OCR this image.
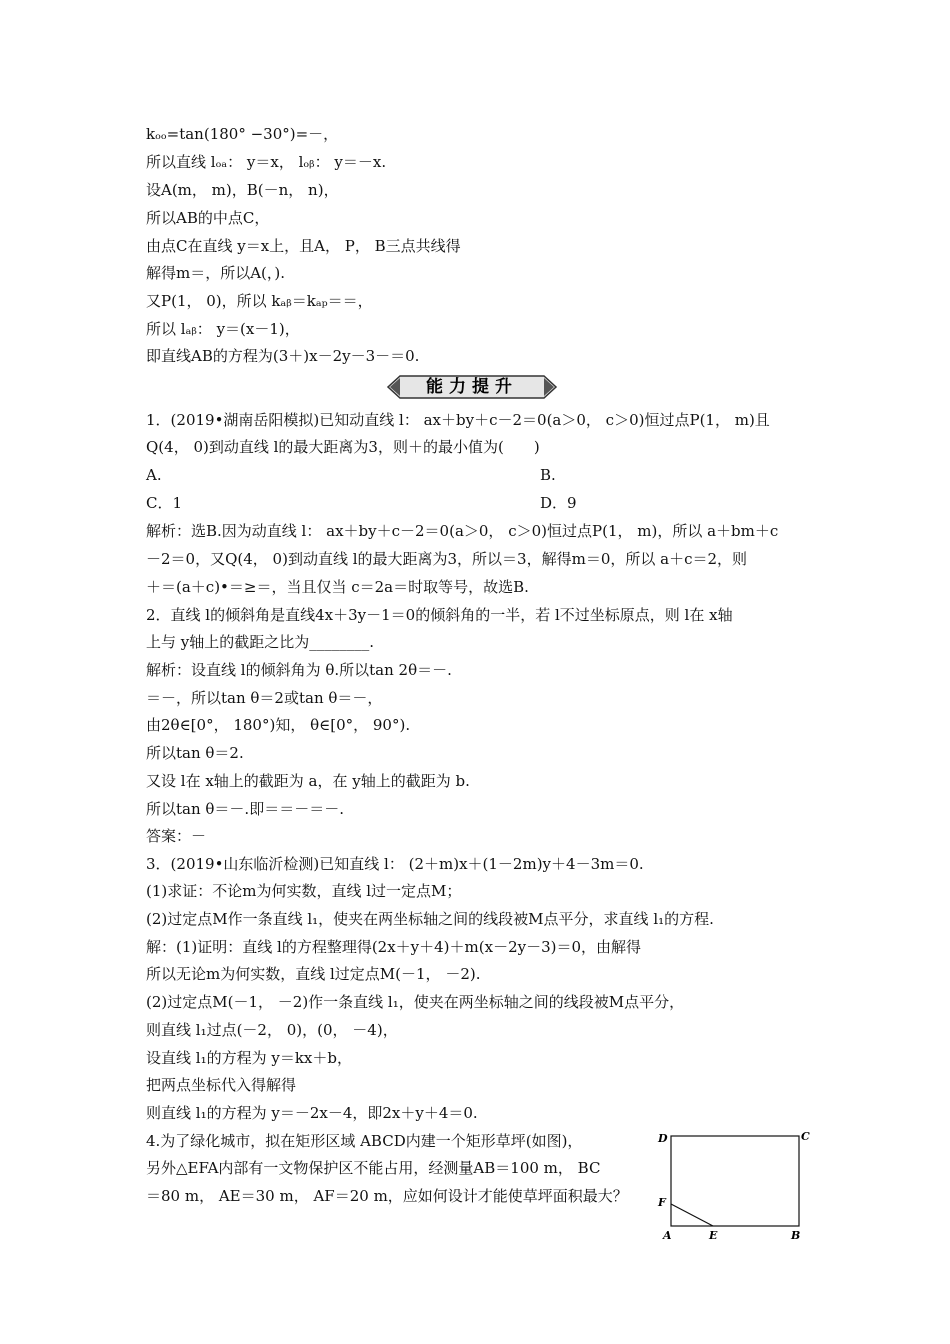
kₒₒ=tan(180° −30°)=－，
所以直线 lₒₐ： y＝x， lₒᵦ： y＝－x.
设A(m， m)，B(－n， n)，
所以AB的中点C，
由点C在直线 y＝x上，且A， P， B三点共线得
解得m＝，所以A(，).
又P(1， 0)，所以 kₐᵦ＝kₐₚ＝＝，
所以 lₐᵦ： y＝(x－1)，
即直线AB的方程为(3＋)x－2y－3－＝0.
能力提升
1．(2019•湖南岳阳模拟)已知动直线 l： ax＋by＋c－2＝0(a＞0， c＞0)恒过点P(1， m)且
Q(4， 0)到动直线 l的最大距离为3，则＋的最小值为(　　)
A.	B.
C．1	D．9
解析：选B.因为动直线 l： ax＋by＋c－2＝0(a＞0， c＞0)恒过点P(1， m)，所以 a＋bm＋c
－2＝0，又Q(4， 0)到动直线 l的最大距离为3，所以＝3，解得m＝0，所以 a＋c＝2，则
＋＝(a＋c)•＝≥＝，当且仅当 c＝2a＝时取等号，故选B.
2．直线 l的倾斜角是直线4x＋3y－1＝0的倾斜角的一半，若 l不过坐标原点，则 l在 x轴
上与 y轴上的截距之比为________.
解析：设直线 l的倾斜角为 θ.所以tan 2θ＝－.
＝－，所以tan θ＝2或tan θ＝－，
由2θ∈[0°， 180°)知， θ∈[0°， 90°).
所以tan θ＝2.
又设 l在 x轴上的截距为 a，在 y轴上的截距为 b.
所以tan θ＝－.即＝＝－＝－.
答案：－
3．(2019•山东临沂检测)已知直线 l： (2＋m)x＋(1－2m)y＋4－3m＝0.
(1)求证：不论m为何实数，直线 l过一定点M；
(2)过定点M作一条直线 l₁，使夹在两坐标轴之间的线段被M点平分，求直线 l₁的方程.
解：(1)证明：直线 l的方程整理得(2x＋y＋4)＋m(x－2y－3)＝0，由解得
所以无论m为何实数，直线 l过定点M(－1， －2).
(2)过定点M(－1， －2)作一条直线 l₁，使夹在两坐标轴之间的线段被M点平分，
则直线 l₁过点(－2， 0)，(0， －4)，
设直线 l₁的方程为 y＝kx＋b，
把两点坐标代入得解得
则直线 l₁的方程为 y＝－2x－4，即2x＋y＋4＝0.
4.为了绿化城市，拟在矩形区域 ABCD内建一个矩形草坪(如图)，
另外△EFA内部有一文物保护区不能占用，经测量AB＝100 m， BC
＝80 m， AE＝30 m， AF＝20 m，应如何设计才能使草坪面积最大？
D	C
F
A	E	B
